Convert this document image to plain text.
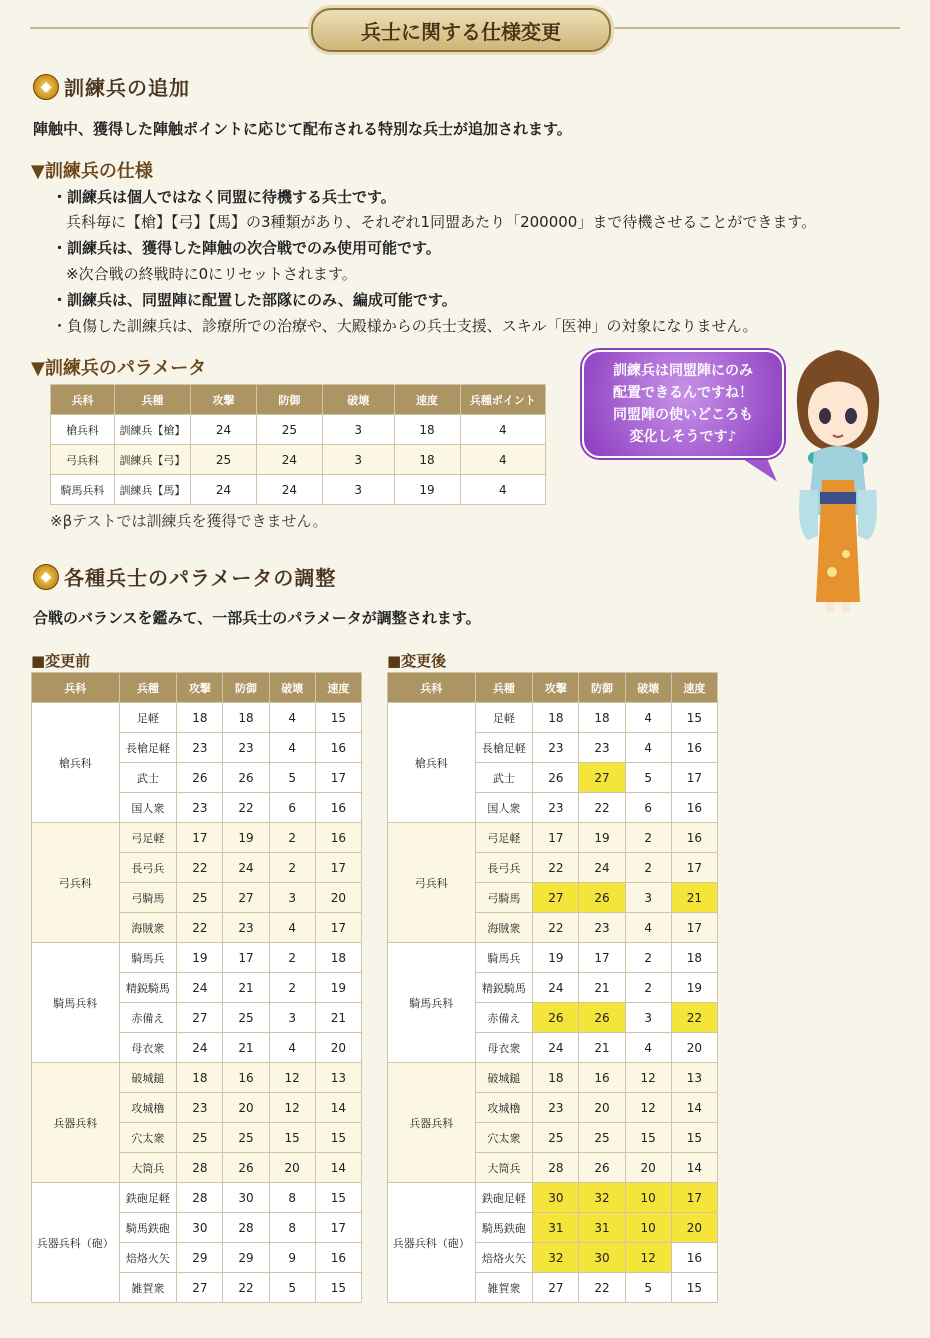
兵士に関する仕様変更
◆ 訓練兵の追加
陣触中、獲得した陣触ポイントに応じて配布される特別な兵士が追加されます。
▼訓練兵の仕様
・訓練兵は個人ではなく同盟に待機する兵士です。
兵科毎に【槍】【弓】【馬】の3種類があり、それぞれ1同盟あたり「200000」まで待機させることができます。
・訓練兵は、獲得した陣触の次合戦でのみ使用可能です。
※次合戦の終戦時に0にリセットされます。
・訓練兵は、同盟陣に配置した部隊にのみ、編成可能です。
・負傷した訓練兵は、診療所での治療や、大殿様からの兵士支援、スキル「医神」の対象になりません。
▼訓練兵のパラメータ
兵科	兵種	攻撃	防御	破壊	速度	兵種ポイント
槍兵科	訓練兵【槍】	24	25	3	18	4
弓兵科	訓練兵【弓】	25	24	3	18	4
騎馬兵科	訓練兵【馬】	24	24	3	19	4
※βテストでは訓練兵を獲得できません。
訓練兵は同盟陣にのみ
配置できるんですね！
同盟陣の使いどころも
変化しそうです♪
◆ 各種兵士のパラメータの調整
合戦のバランスを鑑みて、一部兵士のパラメータが調整されます。
■変更前	■変更後
兵科	兵種	攻撃	防御	破壊	速度
槍兵科	足軽	18	18	4	15
	長槍足軽	23	23	4	16
	武士	26	26	5	17
	国人衆	23	22	6	16
弓兵科	弓足軽	17	19	2	16
	長弓兵	22	24	2	17
	弓騎馬	25	27	3	20
	海賊衆	22	23	4	17
騎馬兵科	騎馬兵	19	17	2	18
	精鋭騎馬	24	21	2	19
	赤備え	27	25	3	21
	母衣衆	24	21	4	20
兵器兵科	破城鎚	18	16	12	13
	攻城櫓	23	20	12	14
	穴太衆	25	25	15	15
	大筒兵	28	26	20	14
兵器兵科（砲）	鉄砲足軽	28	30	8	15
	騎馬鉄砲	30	28	8	17
	焙烙火矢	29	29	9	16
	雑賀衆	27	22	5	15
兵科	兵種	攻撃	防御	破壊	速度
槍兵科	足軽	18	18	4	15
	長槍足軽	23	23	4	16
	武士	26	27	5	17
	国人衆	23	22	6	16
弓兵科	弓足軽	17	19	2	16
	長弓兵	22	24	2	17
	弓騎馬	27	26	3	21
	海賊衆	22	23	4	17
騎馬兵科	騎馬兵	19	17	2	18
	精鋭騎馬	24	21	2	19
	赤備え	26	26	3	22
	母衣衆	24	21	4	20
兵器兵科	破城鎚	18	16	12	13
	攻城櫓	23	20	12	14
	穴太衆	25	25	15	15
	大筒兵	28	26	20	14
兵器兵科（砲）	鉄砲足軽	30	32	10	17
	騎馬鉄砲	31	31	10	20
	焙烙火矢	32	30	12	16
	雑賀衆	27	22	5	15
